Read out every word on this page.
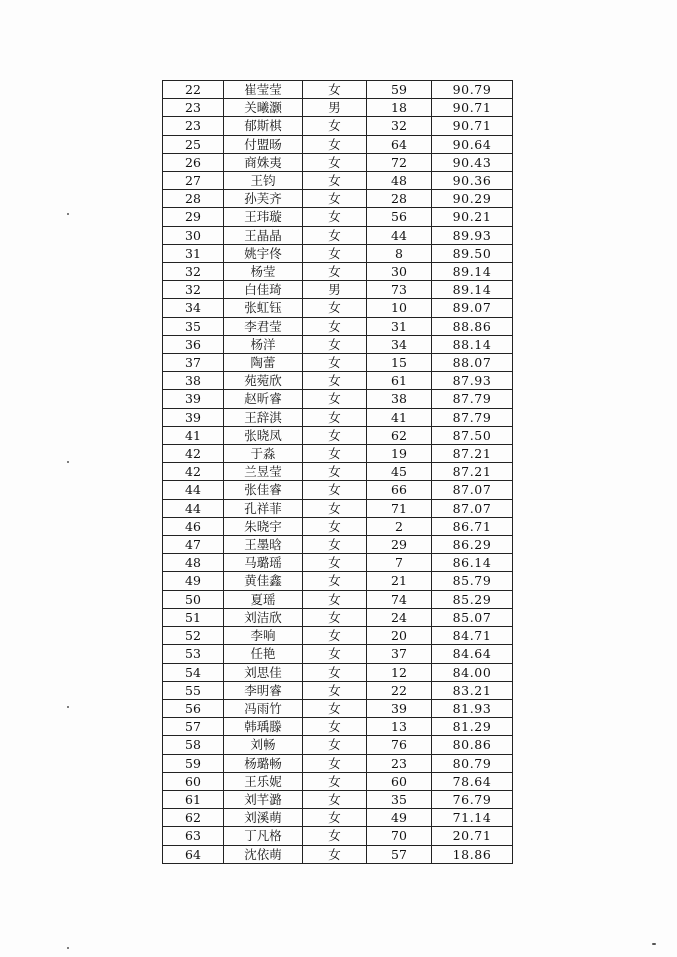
22	崔莹莹	女	59	90.79
23	关曦灏	男	18	90.71
23	郁斯棋	女	32	90.71
25	付盟旸	女	64	90.64
26	商姝夷	女	72	90.43
27	王钧	女	48	90.36
28	孙芙齐	女	28	90.29
29	王玮璇	女	56	90.21
30	王晶晶	女	44	89.93
31	姚宇佟	女	8	89.50
32	杨莹	女	30	89.14
32	白佳琦	男	73	89.14
34	张虹钰	女	10	89.07
35	李君莹	女	31	88.86
36	杨洋	女	34	88.14
37	陶蕾	女	15	88.07
38	苑菀欣	女	61	87.93
39	赵昕睿	女	38	87.79
39	王辞淇	女	41	87.79
41	张晓凤	女	62	87.50
42	于淼	女	19	87.21
42	兰昱莹	女	45	87.21
44	张佳睿	女	66	87.07
44	孔祥菲	女	71	87.07
46	朱晓宇	女	2	86.71
47	王墨晗	女	29	86.29
48	马璐瑶	女	7	86.14
49	黄佳鑫	女	21	85.79
50	夏瑶	女	74	85.29
51	刘洁欣	女	24	85.07
52	李响	女	20	84.71
53	任艳	女	37	84.64
54	刘思佳	女	12	84.00
55	李明睿	女	22	83.21
56	冯雨竹	女	39	81.93
57	韩瑀滕	女	13	81.29
58	刘畅	女	76	80.86
59	杨璐畅	女	23	80.79
60	王乐妮	女	60	78.64
61	刘芊潞	女	35	76.79
62	刘溪萌	女	49	71.14
63	丁凡格	女	70	20.71
64	沈依萌	女	57	18.86
